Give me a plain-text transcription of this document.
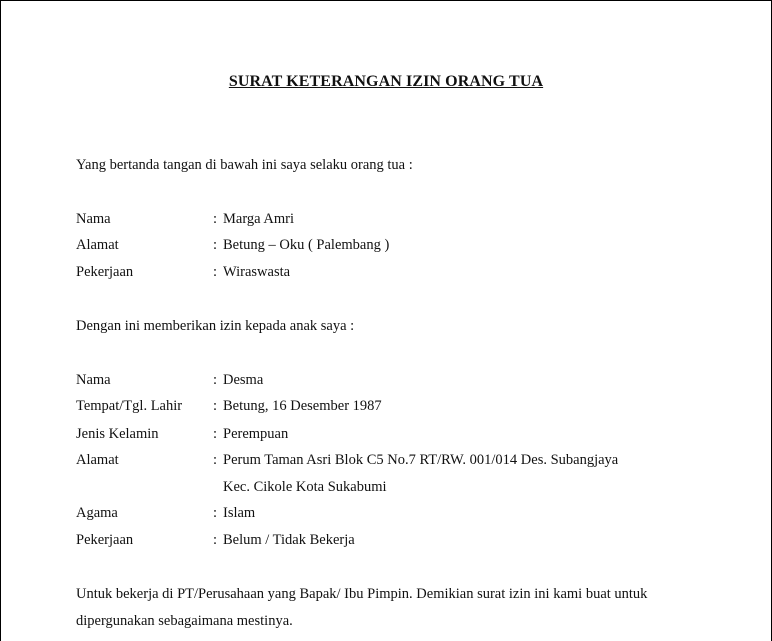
SURAT KETERANGAN IZIN ORANG TUA
Yang bertanda tangan di bawah ini saya selaku orang tua :
Nama	: Marga Amri
Alamat	: Betung – Oku ( Palembang )
Pekerjaan	: Wiraswasta
Dengan ini memberikan izin kepada anak saya :
Nama	: Desma
Tempat/Tgl. Lahir : Betung, 16 Desember 1987
Jenis Kelamin	: Perempuan
Alamat	: Perum Taman Asri Blok C5 No.7 RT/RW. 001/014 Des. Subangjaya
Kec. Cikole Kota Sukabumi
Agama	: Islam
Pekerjaan	: Belum / Tidak Bekerja
Untuk bekerja di PT/Perusahaan yang Bapak/ Ibu Pimpin. Demikian surat izin ini kami buat untuk
dipergunakan sebagaimana mestinya.
